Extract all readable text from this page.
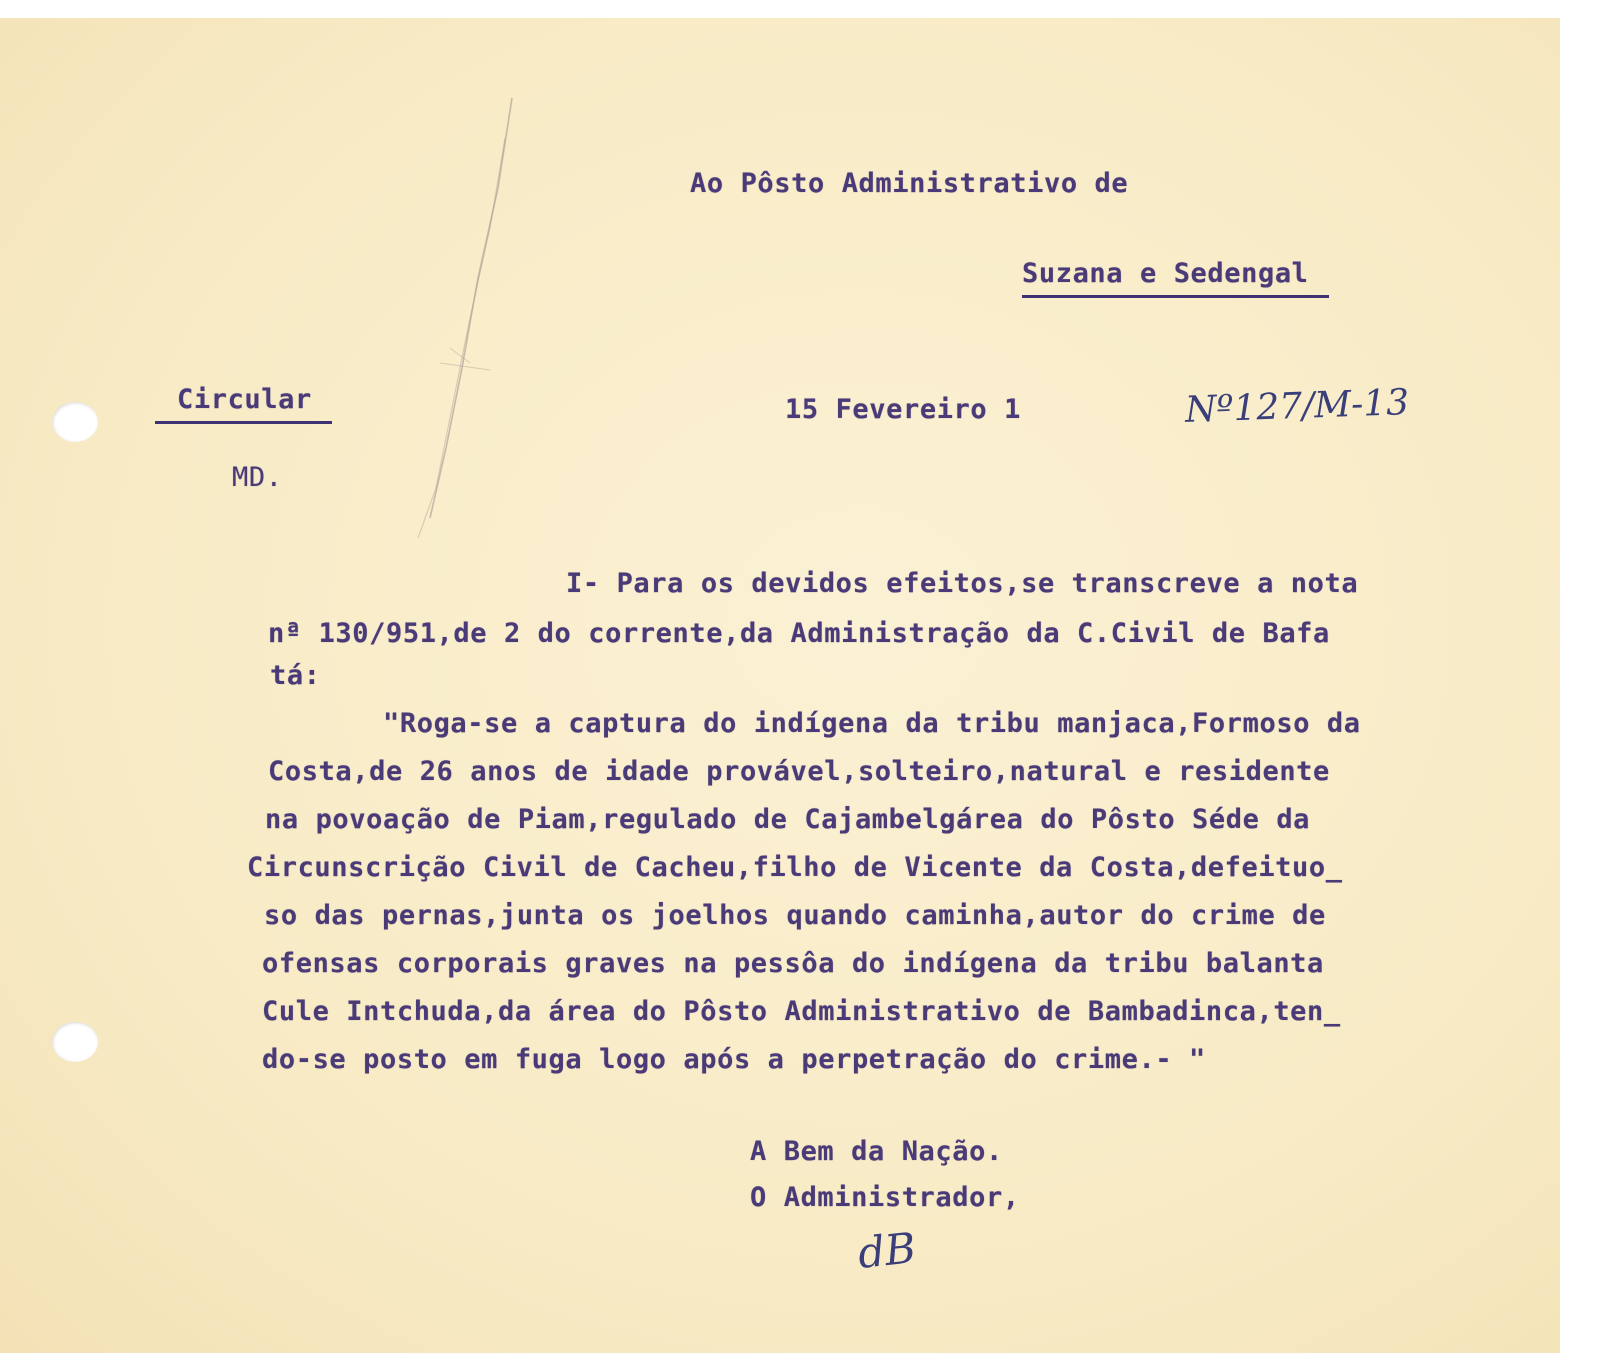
Ao Pôsto Administrativo de
Suzana e Sedengal
Circular	15 Fevereiro 1	Nº127/M-13
MD.
I- Para os devidos efeitos,se transcreve a nota
nª 130/951,de 2 do corrente,da Administração da C.Civil de Bafa
tá:
"Roga-se a captura do indígena da tribu manjaca,Formoso da
Costa,de 26 anos de idade provável,solteiro,natural e residente
na povoação de Piam,regulado de Cajambelgárea do Pôsto Séde da
Circunscrição Civil de Cacheu,filho de Vicente da Costa,defeituo_
so das pernas,junta os joelhos quando caminha,autor do crime de
ofensas corporais graves na pessôa do indígena da tribu balanta
Cule Intchuda,da área do Pôsto Administrativo de Bambadinca,ten_
do-se posto em fuga logo após a perpetração do crime.- "
A Bem da Nação.
O Administrador,
dB
